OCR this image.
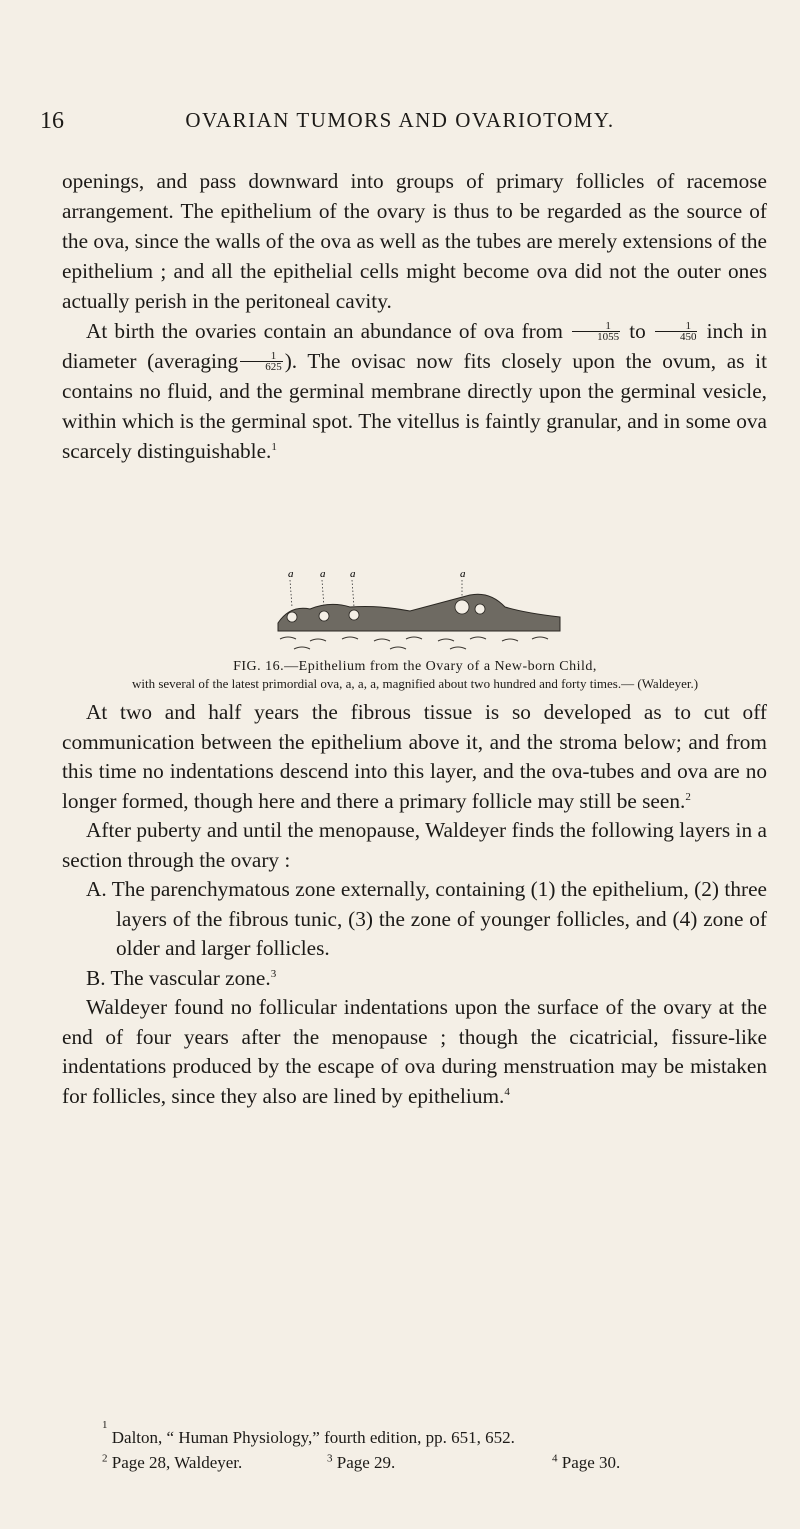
16	OVARIAN TUMORS AND OVARIOTOMY.

openings, and pass downward into groups of primary follicles of racemose arrangement. The epithelium of the ovary is thus to be regarded as the source of the ova, since the walls of the ova as well as the tubes are merely extensions of the epithelium ; and all the epithelial cells might become ova did not the outer ones actually perish in the peritoneal cavity.

At birth the ovaries contain an abundance of ova from $\frac{1}{1055}$ to $\frac{1}{450}$ inch in diameter (averaging $\frac{1}{625}$ ). The ovisac now fits closely upon the ovum, as it contains no fluid, and the germinal membrane directly upon the germinal vesicle, within which is the germinal spot. The vitellus is faintly granular, and in some ova scarcely distinguishable.$^1$

a a a	a
FIG. 16.—Epithelium from the Ovary of a New-born Child,
with several of the latest primordial ova, a, a, a, magnified about two hundred and forty times.— (Waldeyer.)

At two and half years the fibrous tissue is so developed as to cut off communication between the epithelium above it, and the stroma below; and from this time no indentations descend into this layer, and the ova-tubes and ova are no longer formed, though here and there a primary follicle may still be seen.$^2$

After puberty and until the menopause, Waldeyer finds the following layers in a section through the ovary :

A. The parenchymatous zone externally, containing (1) the epithelium, (2) three layers of the fibrous tunic, (3) the zone of younger follicles, and (4) zone of older and larger follicles.

B. The vascular zone.$^3$

Waldeyer found no follicular indentations upon the surface of the ovary at the end of four years after the menopause ; though the cicatricial, fissure-like indentations produced by the escape of ova during menstruation may be mistaken for follicles, since they also are lined by epithelium.$^4$

1

Dalton, “ Human Physiology,” fourth edition, pp. 651, 652.
$^2$ Page 28, Waldeyer.	$^3$ Page 29.	$^4$ Page 30.
